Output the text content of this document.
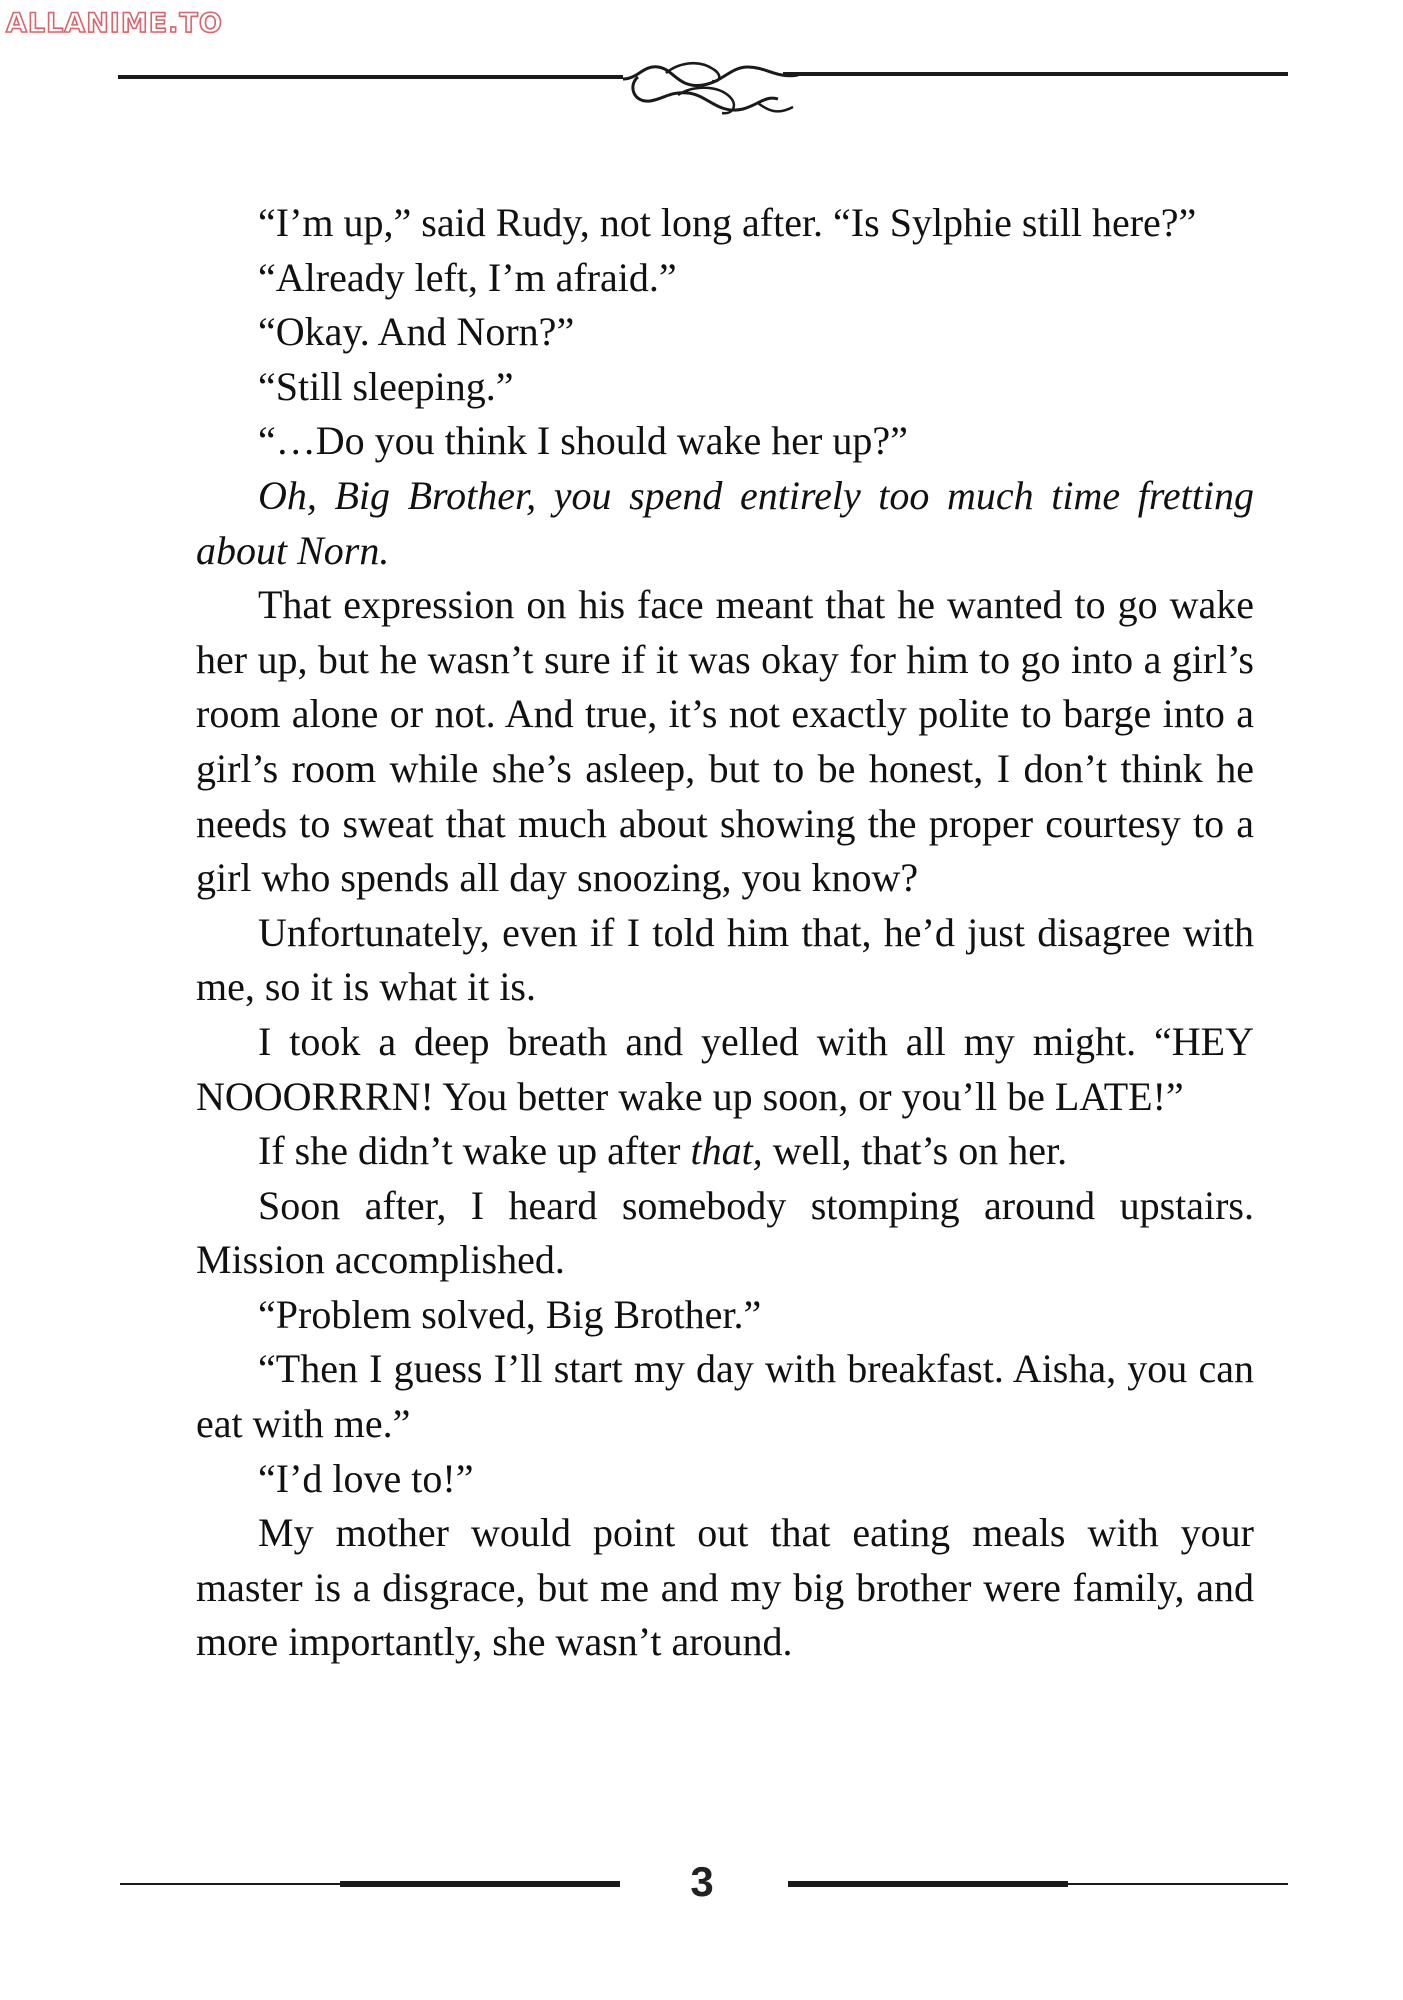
ALLANIME.TO

“I’m up,” said Rudy, not long after. “Is Sylphie still here?”

“Already left, I’m afraid.”

“Okay. And Norn?”

“Still sleeping.”

“…Do you think I should wake her up?”

Oh, Big Brother, you spend entirely too much time fretting about Norn.

That expression on his face meant that he wanted to go wake her up, but he wasn’t sure if it was okay for him to go into a girl’s room alone or not. And true, it’s not exactly polite to barge into a girl’s room while she’s asleep, but to be honest, I don’t think he needs to sweat that much about showing the proper courtesy to a girl who spends all day snoozing, you know?

Unfortunately, even if I told him that, he’d just disagree with me, so it is what it is.

I took a deep breath and yelled with all my might. “HEY NOOORRRN! You better wake up soon, or you’ll be LATE!”

If she didn’t wake up after that, well, that’s on her.

Soon after, I heard somebody stomping around upstairs. Mission accomplished.

“Problem solved, Big Brother.”

“Then I guess I’ll start my day with breakfast. Aisha, you can eat with me.”

“I’d love to!”

My mother would point out that eating meals with your master is a disgrace, but me and my big brother were family, and more importantly, she wasn’t around.

3
